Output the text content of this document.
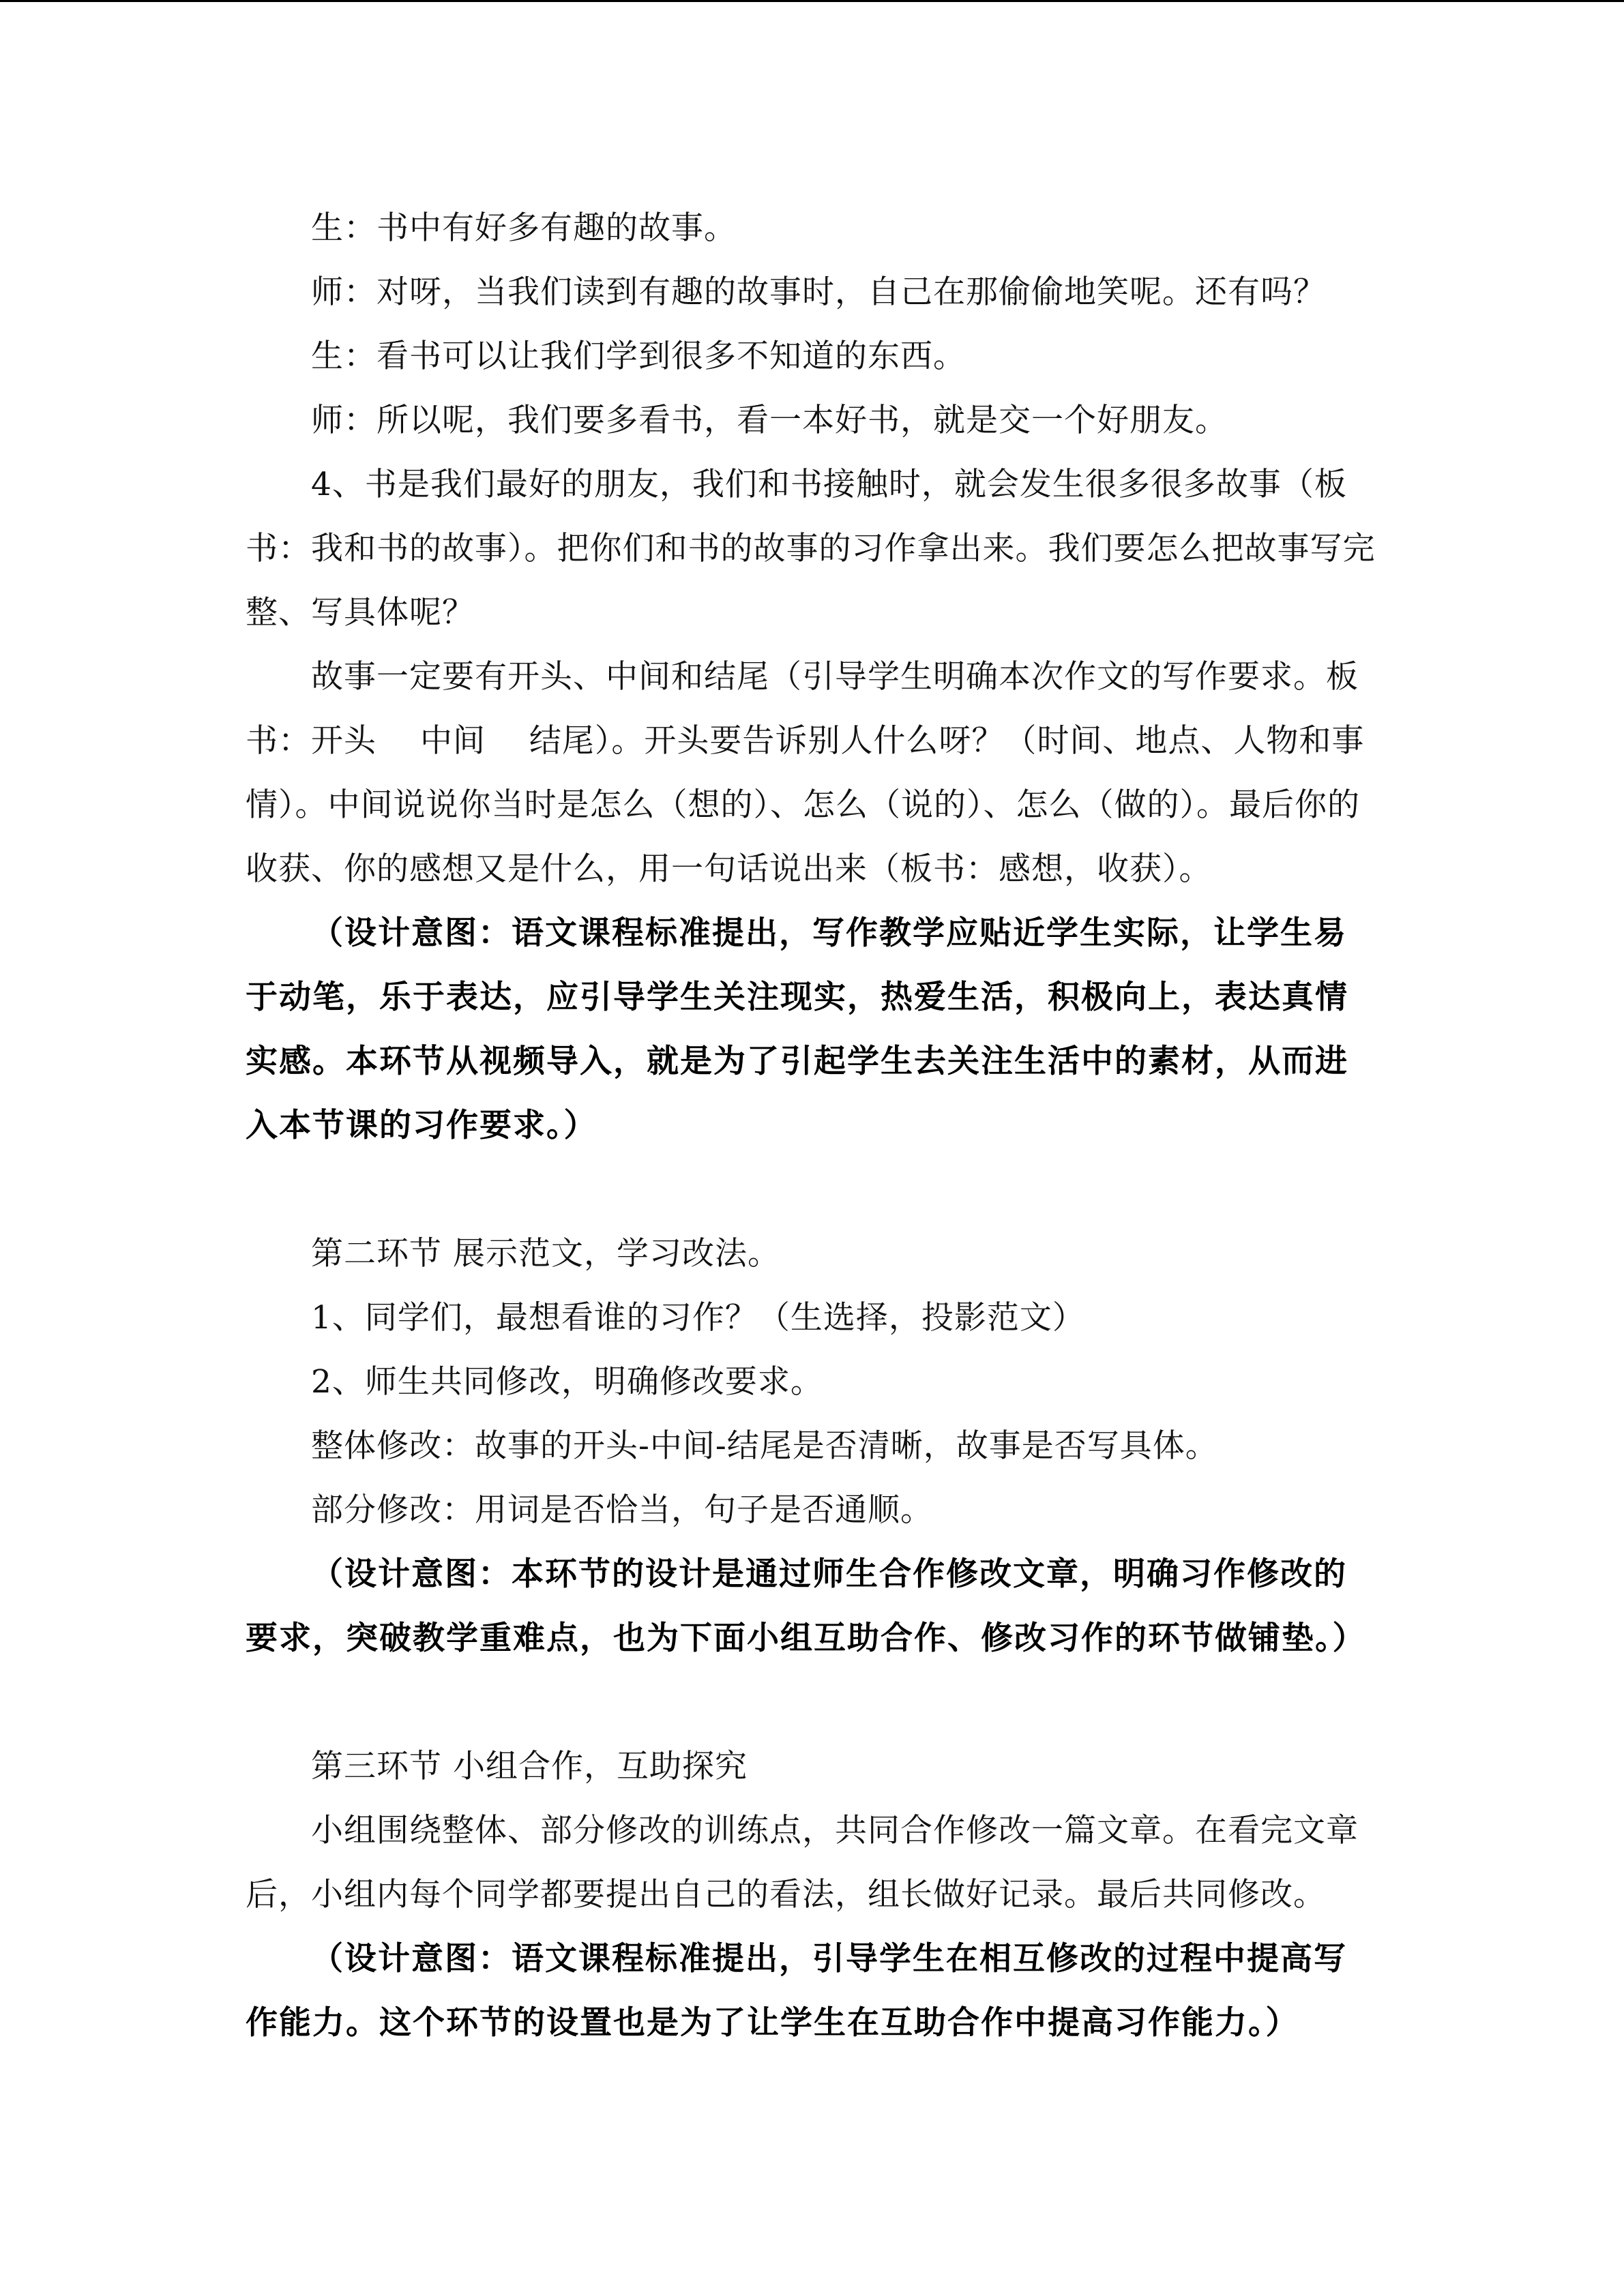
生：书中有好多有趣的故事。

师：对呀，当我们读到有趣的故事时，自己在那偷偷地笑呢。还有吗？

生：看书可以让我们学到很多不知道的东西。

师：所以呢，我们要多看书，看一本好书，就是交一个好朋友。

4、书是我们最好的朋友，我们和书接触时，就会发生很多很多故事（板书：我和书的故事）。把你们和书的故事的习作拿出来。我们要怎么把故事写完整、写具体呢？

故事一定要有开头、中间和结尾（引导学生明确本次作文的写作要求。板书：开头　 中间　 结尾）。开头要告诉别人什么呀？（时间、地点、人物和事情）。中间说说你当时是怎么（想的）、怎么（说的）、怎么（做的）。最后你的收获、你的感想又是什么，用一句话说出来（板书：感想，收获）。

（设计意图：语文课程标准提出，写作教学应贴近学生实际，让学生易于动笔，乐于表达，应引导学生关注现实，热爱生活，积极向上，表达真情实感。本环节从视频导入，就是为了引起学生去关注生活中的素材，从而进入本节课的习作要求。）

第二环节 展示范文，学习改法。

1、同学们，最想看谁的习作？（生选择，投影范文）

2、师生共同修改，明确修改要求。

整体修改：故事的开头-中间-结尾是否清晰，故事是否写具体。

部分修改：用词是否恰当，句子是否通顺。

（设计意图：本环节的设计是通过师生合作修改文章，明确习作修改的要求，突破教学重难点，也为下面小组互助合作、修改习作的环节做铺垫。）

第三环节 小组合作，互助探究

小组围绕整体、部分修改的训练点，共同合作修改一篇文章。在看完文章后，小组内每个同学都要提出自己的看法，组长做好记录。最后共同修改。

（设计意图：语文课程标准提出，引导学生在相互修改的过程中提高写作能力。这个环节的设置也是为了让学生在互助合作中提高习作能力。）
